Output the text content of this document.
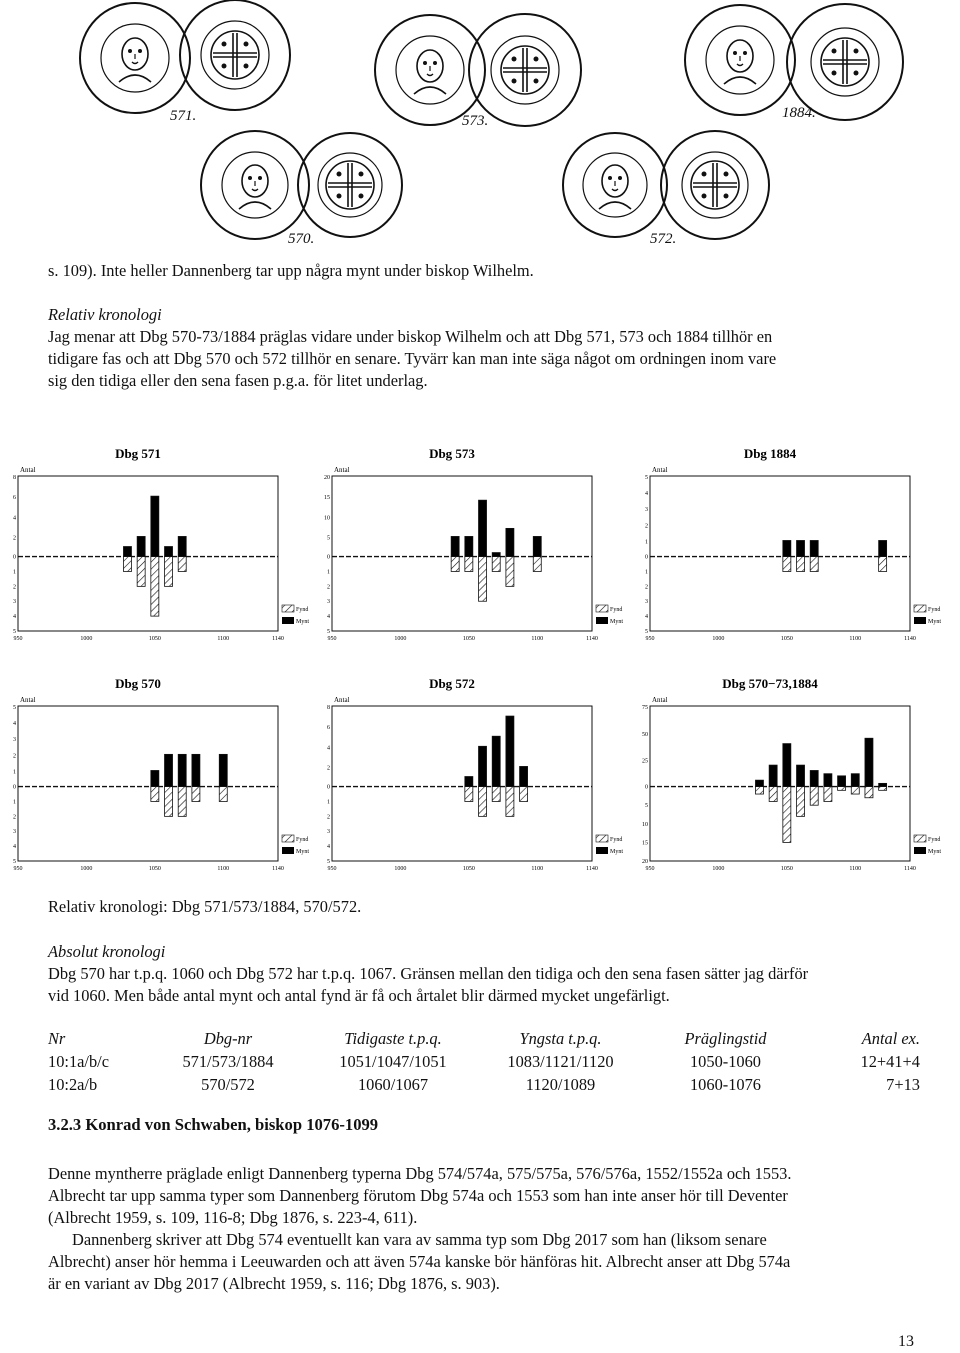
571.	573.	1884.
570.	572.

s. 109). Inte heller Dannenberg tar upp några mynt under biskop Wilhelm.

Relativ kronologi

Jag menar att Dbg 570-73/1884 präglas vidare under biskop Wilhelm och att Dbg 571, 573 och 1884 tillhör en

tidigare fas och att Dbg 570 och 572 tillhör en senare. Tyvärr kan man inte säga något om ordningen inom vare

sig den tidiga eller den sena fasen p.g.a. för litet underlag.

Dbg 571
Antal
8
6
4
2
0
1
2
3
4
5
950	1000	1050	1100	1140
Fynd
Mynt
Dbg 573
Antal
20
15
10
5
0
1
2
3
4
5
950	1000	1050	1100	1140
Fynd
Mynt
Dbg 1884
Antal
5
4
3
2
1
0
1
2
3
4
5
950	1000	1050	1100	1140
Fynd
Mynt
Dbg 570
Antal
5
4
3
2
1
0
1
2
3
4
5
950	1000	1050	1100	1140
Fynd
Mynt
Dbg 572
Antal
8
6
4
2
0
1
2
3
4
5
950	1000	1050	1100	1140
Fynd
Mynt
Dbg 570−73,1884
Antal
75
50
25
0
5
10
15
20
950	1000	1050	1100	1140
Fynd
Mynt

Relativ kronologi: Dbg 571/573/1884, 570/572.

Absolut kronologi

Dbg 570 har t.p.q. 1060 och Dbg 572 har t.p.q. 1067. Gränsen mellan den tidiga och den sena fasen sätter jag därför

vid 1060. Men både antal mynt och antal fynd är få och årtalet blir därmed mycket ungefärligt.

Nr	Dbg-nr	Tidigaste t.p.q.	Yngsta t.p.q.	Präglingstid	Antal ex.
10:1a/b/c	571/573/1884	1051/1047/1051	1083/1121/1120	1050-1060	12+41+4
10:2a/b	570/572	1060/1067	1120/1089	1060-1076	7+13
3.2.3 Konrad von Schwaben, biskop 1076-1099

Denne myntherre präglade enligt Dannenberg typerna Dbg 574/574a, 575/575a, 576/576a, 1552/1552a och 1553.

Albrecht tar upp samma typer som Dannenberg förutom Dbg 574a och 1553 som han inte anser hör till Deventer

(Albrecht 1959, s. 109, 116-8; Dbg 1876, s. 223-4, 611).

Dannenberg skriver att Dbg 574 eventuellt kan vara av samma typ som Dbg 2017 som han (liksom senare

Albrecht) anser hör hemma i Leeuwarden och att även 574a kanske bör hänföras hit. Albrecht anser att Dbg 574a

är en variant av Dbg 2017 (Albrecht 1959, s. 116; Dbg 1876, s. 903).

13
